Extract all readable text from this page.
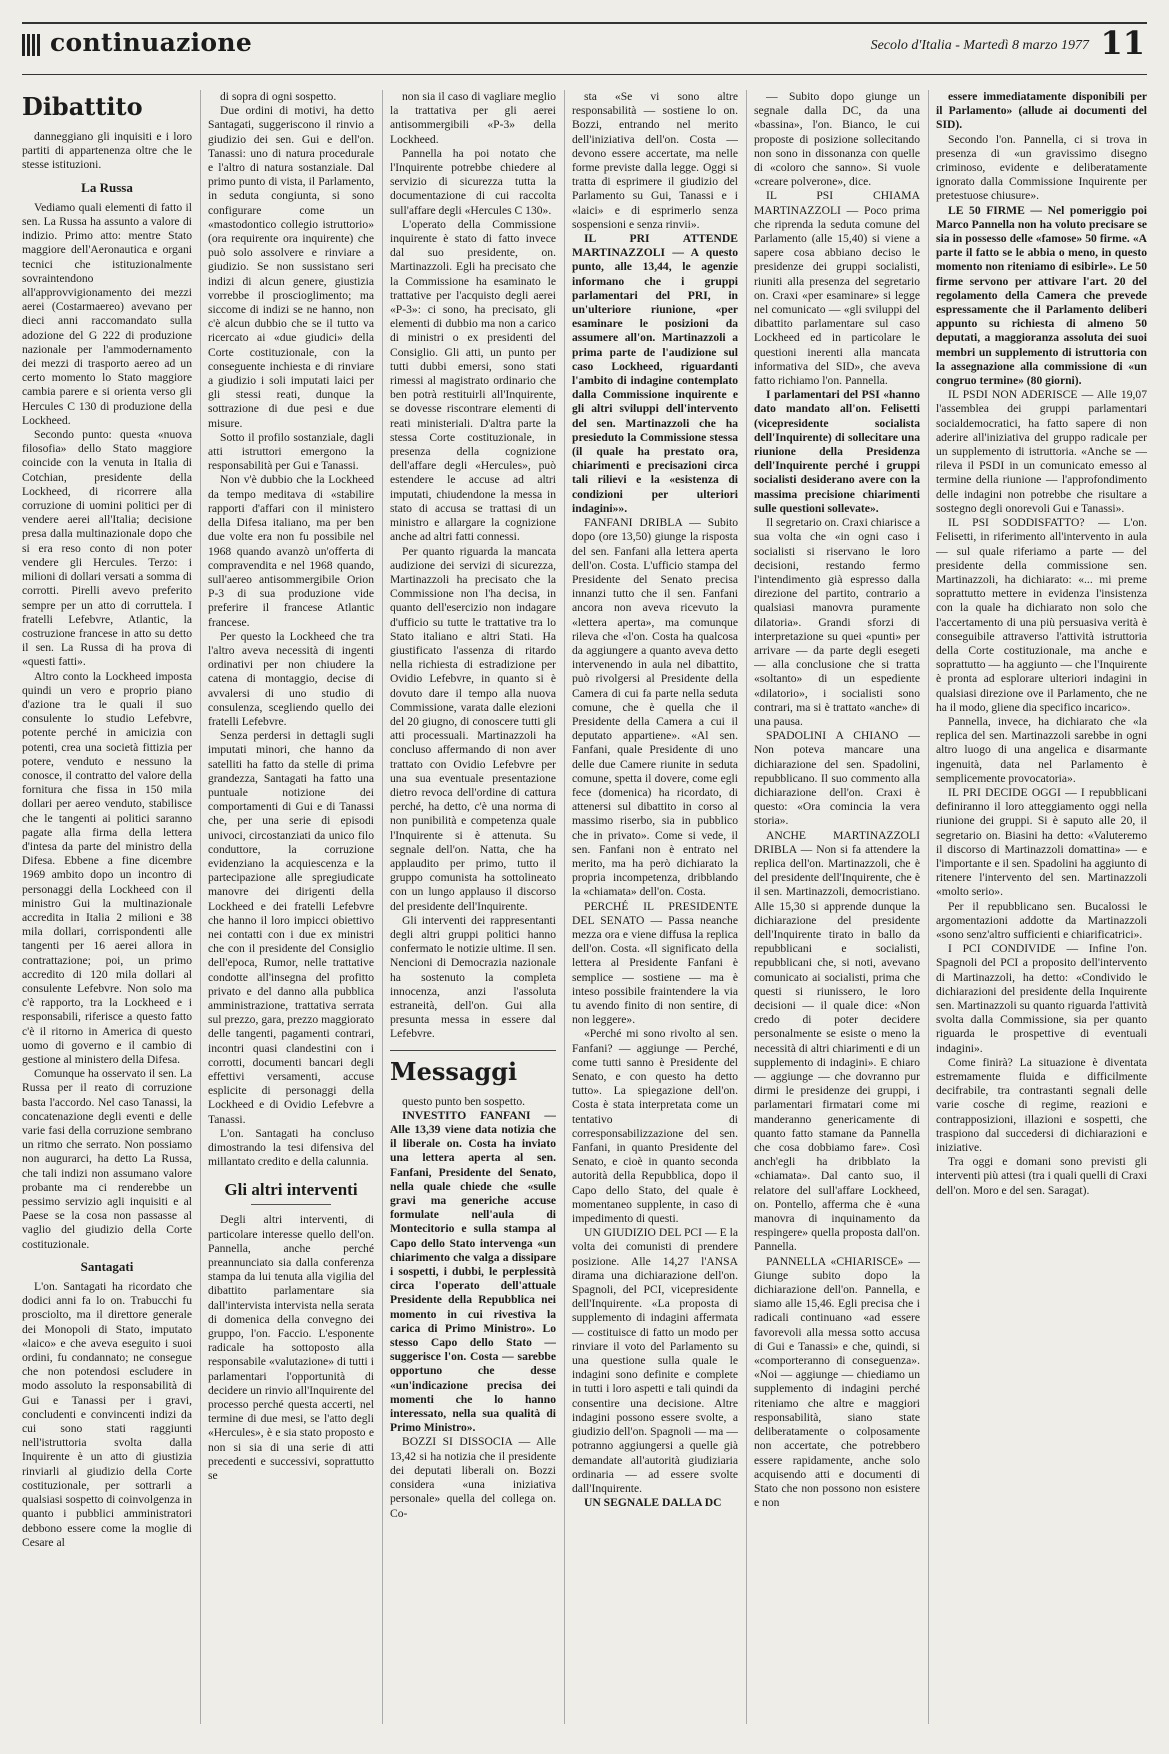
continuazione	Secolo d'Italia - Martedì 8 marzo 1977 11
Dibattito

danneggiano gli inquisiti e i loro partiti di appartenenza oltre che le stesse istituzioni.

La Russa

Vediamo quali elementi di fatto il sen. La Russa ha assunto a valore di indizio. Primo atto: mentre Stato maggiore dell'Aeronautica e organi tecnici che istituzionalmente sovraintendono all'approvvigionamento dei mezzi aerei (Costarmaereo) avevano per dieci anni raccomandato sulla adozione del G 222 di produzione nazionale per l'ammodernamento dei mezzi di trasporto aereo ad un certo momento lo Stato maggiore cambia parere e si orienta verso gli Hercules C 130 di produzione della Lockheed.

Secondo punto: questa «nuova filosofia» dello Stato maggiore coincide con la venuta in Italia di Cotchian, presidente della Lockheed, di ricorrere alla corruzione di uomini politici per di vendere aerei all'Italia; decisione presa dalla multinazionale dopo che si era reso conto di non poter vendere gli Hercules. Terzo: i milioni di dollari versati a somma di corrotti. Pirelli avevo preferito sempre per un atto di corruttela. I fratelli Lefebvre, Atlantic, la costruzione francese in atto su detto il sen. La Russa di ha prova di «questi fatti».

Altro conto la Lockheed imposta quindi un vero e proprio piano d'azione tra le quali il suo consulente lo studio Lefebvre, potente perché in amicizia con potenti, crea una società fittizia per potere, venduto e nessuno la conosce, il contratto del valore della fornitura che fissa in 150 mila dollari per aereo venduto, stabilisce che le tangenti ai politici saranno pagate alla firma della lettera d'intesa da parte del ministro della Difesa. Ebbene a fine dicembre 1969 ambito dopo un incontro di personaggi della Lockheed con il ministro Gui la multinazionale accredita in Italia 2 milioni e 38 mila dollari, corrispondenti alle tangenti per 16 aerei allora in contrattazione; poi, un primo accredito di 120 mila dollari al consulente Lefebvre. Non solo ma c'è rapporto, tra la Lockheed e i responsabili, riferisce a questo fatto c'è il ritorno in America di questo uomo di governo e il cambio di gestione al ministero della Difesa.

Comunque ha osservato il sen. La Russa per il reato di corruzione basta l'accordo. Nel caso Tanassi, la concatenazione degli eventi e delle varie fasi della corruzione sembrano un ritmo che serrato. Non possiamo non augurarci, ha detto La Russa, che tali indizi non assumano valore probante ma ci renderebbe un pessimo servizio agli inquisiti e al Paese se la cosa non passasse al vaglio del giudizio della Corte costituzionale.

Santagati

L'on. Santagati ha ricordato che dodici anni fa lo on. Trabucchi fu prosciolto, ma il direttore generale dei Monopoli di Stato, imputato «laico» e che aveva eseguito i suoi ordini, fu condannato; ne consegue che non potendosi escludere in modo assoluto la responsabilità di Gui e Tanassi per i gravi, concludenti e convincenti indizi da cui sono stati raggiunti nell'istruttoria svolta dalla Inquirente è un atto di giustizia rinviarli al giudizio della Corte costituzionale, per sottrarli a qualsiasi sospetto di coinvolgenza in quanto i pubblici amministratori debbono essere come la moglie di Cesare al

di sopra di ogni sospetto.

Due ordini di motivi, ha detto Santagati, suggeriscono il rinvio a giudizio dei sen. Gui e dell'on. Tanassi: uno di natura procedurale e l'altro di natura sostanziale. Dal primo punto di vista, il Parlamento, in seduta congiunta, si sono configurare come un «mastodontico collegio istruttorio» (ora requirente ora inquirente) che può solo assolvere e rinviare a giudizio. Se non sussistano seri indizi di alcun genere, giustizia vorrebbe il proscioglimento; ma siccome di indizi se ne hanno, non c'è alcun dubbio che se il tutto va ricercato ai «due giudici» della Corte costituzionale, con la conseguente inchiesta e di rinviare a giudizio i soli imputati laici per gli stessi reati, dunque la sottrazione di due pesi e due misure.

Sotto il profilo sostanziale, dagli atti istruttori emergono la responsabilità per Gui e Tanassi.

Non v'è dubbio che la Lockheed da tempo meditava di «stabilire rapporti d'affari con il ministero della Difesa italiano, ma per ben due volte era non fu possibile nel 1968 quando avanzò un'offerta di compravendita e nel 1968 quando, sull'aereo antisommergibile Orion P-3 di sua produzione vide preferire il francese Atlantic francese.

Per questo la Lockheed che tra l'altro aveva necessità di ingenti ordinativi per non chiudere la catena di montaggio, decise di avvalersi di uno studio di consulenza, scegliendo quello dei fratelli Lefebvre.

Senza perdersi in dettagli sugli imputati minori, che hanno da satelliti ha fatto da stelle di prima grandezza, Santagati ha fatto una puntuale notizione dei comportamenti di Gui e di Tanassi che, per una serie di episodi univoci, circostanziati da unico filo conduttore, la corruzione evidenziano la acquiescenza e la partecipazione alle spregiudicate manovre dei dirigenti della Lockheed e dei fratelli Lefebvre che hanno il loro impicci obiettivo nei contatti con i due ex ministri che con il presidente del Consiglio dell'epoca, Rumor, nelle trattative condotte all'insegna del profitto privato e del danno alla pubblica amministrazione, trattativa serrata sul prezzo, gara, prezzo maggiorato delle tangenti, pagamenti contrari, incontri quasi clandestini con i corrotti, documenti bancari degli effettivi versamenti, accuse esplicite di personaggi della Lockheed e di Ovidio Lefebvre a Tanassi.

L'on. Santagati ha concluso dimostrando la tesi difensiva del millantato credito e della calunnia.

Gli altri interventi

Degli altri interventi, di particolare interesse quello dell'on. Pannella, anche perché preannunciato sia dalla conferenza stampa da lui tenuta alla vigilia del dibattito parlamentare sia dall'intervista intervista nella serata di domenica della convegno dei gruppo, l'on. Faccio. L'esponente radicale ha sottoposto alla responsabile «valutazione» di tutti i parlamentari l'opportunità di decidere un rinvio all'Inquirente del processo perché questa accerti, nel termine di due mesi, se l'atto degli «Hercules», è e sia stato proposto e non si sia di una serie di atti precedenti e successivi, soprattutto se

non sia il caso di vagliare meglio la trattativa per gli aerei antisommergibili «P-3» della Lockheed.

Pannella ha poi notato che l'Inquirente potrebbe chiedere al servizio di sicurezza tutta la documentazione di cui raccolta sull'affare degli «Hercules C 130».

L'operato della Commissione inquirente è stato di fatto invece dal suo presidente, on. Martinazzoli. Egli ha precisato che la Commissione ha esaminato le trattative per l'acquisto degli aerei «P-3»: ci sono, ha precisato, gli elementi di dubbio ma non a carico di ministri o ex presidenti del Consiglio. Gli atti, un punto per tutti dubbi emersi, sono stati rimessi al magistrato ordinario che ben potrà restituirli all'Inquirente, se dovesse riscontrare elementi di reati ministeriali. D'altra parte la stessa Corte costituzionale, in presenza della cognizione dell'affare degli «Hercules», può estendere le accuse ad altri imputati, chiudendone la messa in stato di accusa se trattasi di un ministro e allargare la cognizione anche ad altri fatti connessi.

Per quanto riguarda la mancata audizione dei servizi di sicurezza, Martinazzoli ha precisato che la Commissione non l'ha decisa, in quanto dell'esercizio non indagare d'ufficio su tutte le trattative tra lo Stato italiano e altri Stati. Ha giustificato l'assenza di ritardo nella richiesta di estradizione per Ovidio Lefebvre, in quanto si è dovuto dare il tempo alla nuova Commissione, varata dalle elezioni del 20 giugno, di conoscere tutti gli atti processuali. Martinazzoli ha concluso affermando di non aver trattato con Ovidio Lefebvre per una sua eventuale presentazione dietro revoca dell'ordine di cattura perché, ha detto, c'è una norma di non punibilità e competenza quale l'Inquirente si è attenuta. Su segnale dell'on. Natta, che ha applaudito per primo, tutto il gruppo comunista ha sottolineato con un lungo applauso il discorso del presidente dell'Inquirente.

Gli interventi dei rappresentanti degli altri gruppi politici hanno confermato le notizie ultime. Il sen. Nencioni di Democrazia nazionale ha sostenuto la completa innocenza, anzi l'assoluta estraneità, dell'on. Gui alla presunta messa in essere dal Lefebvre.

Messaggi

questo punto ben sospetto.

INVESTITO FANFANI — Alle 13,39 viene data notizia che il liberale on. Costa ha inviato una lettera aperta al sen. Fanfani, Presidente del Senato, nella quale chiede che «sulle gravi ma generiche accuse formulate nell'aula di Montecitorio e sulla stampa al Capo dello Stato intervenga «un chiarimento che valga a dissipare i sospetti, i dubbi, le perplessità circa l'operato dell'attuale Presidente della Repubblica nei momento in cui rivestiva la carica di Primo Ministro». Lo stesso Capo dello Stato — suggerisce l'on. Costa — sarebbe opportuno che desse «un'indicazione precisa dei momenti che lo hanno interessato, nella sua qualità di Primo Ministro».

BOZZI SI DISSOCIA — Alle 13,42 si ha notizia che il presidente dei deputati liberali on. Bozzi considera «una iniziativa personale» quella del collega on. Co-

sta «Se vi sono altre responsabilità — sostiene lo on. Bozzi, entrando nel merito dell'iniziativa dell'on. Costa — devono essere accertate, ma nelle forme previste dalla legge. Oggi si tratta di esprimere il giudizio del Parlamento su Gui, Tanassi e i «laici» e di esprimerlo senza sospensioni e senza rinvii».

IL PRI ATTENDE MARTINAZZOLI — A questo punto, alle 13,44, le agenzie informano che i gruppi parlamentari del PRI, in un'ulteriore riunione, «per esaminare le posizioni da assumere all'on. Martinazzoli a prima parte de l'audizione sul caso Lockheed, riguardanti l'ambito di indagine contemplato dalla Commissione inquirente e gli altri sviluppi dell'intervento del sen. Martinazzoli che ha presieduto la Commissione stessa (il quale ha prestato ora, chiarimenti e precisazioni circa tali rilievi e la «esistenza di condizioni per ulteriori indagini»».

FANFANI DRIBLA — Subito dopo (ore 13,50) giunge la risposta del sen. Fanfani alla lettera aperta dell'on. Costa. L'ufficio stampa del Presidente del Senato precisa innanzi tutto che il sen. Fanfani ancora non aveva ricevuto la «lettera aperta», ma comunque rileva che «l'on. Costa ha qualcosa da aggiungere a quanto aveva detto intervenendo in aula nel dibattito, può rivolgersi al Presidente della Camera di cui fa parte nella seduta comune, che è quella che il Presidente della Camera a cui il deputato appartiene». «Al sen. Fanfani, quale Presidente di uno delle due Camere riunite in seduta comune, spetta il dovere, come egli fece (domenica) ha ricordato, di attenersi sul dibattito in corso al massimo riserbo, sia in pubblico che in privato». Come si vede, il sen. Fanfani non è entrato nel merito, ma ha però dichiarato la propria incompetenza, dribblando la «chiamata» dell'on. Costa.

PERCHÉ IL PRESIDENTE DEL SENATO — Passa neanche mezza ora e viene diffusa la replica dell'on. Costa. «Il significato della lettera al Presidente Fanfani è semplice — sostiene — ma è inteso possibile fraintendere la via tu avendo finito di non sentire, di non leggere».

«Perché mi sono rivolto al sen. Fanfani? — aggiunge — Perché, come tutti sanno è Presidente del Senato, e con questo ha detto tutto». La spiegazione dell'on. Costa è stata interpretata come un tentativo di corresponsabilizzazione del sen. Fanfani, in quanto Presidente del Senato, e cioè in quanto seconda autorità della Repubblica, dopo il Capo dello Stato, del quale è momentaneo supplente, in caso di impedimento di questi.

UN GIUDIZIO DEL PCI — E la volta dei comunisti di prendere posizione. Alle 14,27 l'ANSA dirama una dichiarazione dell'on. Spagnoli, del PCI, vicepresidente dell'Inquirente. «La proposta di supplemento di indagini affermata — costituisce di fatto un modo per rinviare il voto del Parlamento su una questione sulla quale le indagini sono definite e complete in tutti i loro aspetti e tali quindi da consentire una decisione. Altre indagini possono essere svolte, a giudizio dell'on. Spagnoli — ma — potranno aggiungersi a quelle già demandate all'autorità giudiziaria ordinaria — ad essere svolte dall'Inquirente.

UN SEGNALE DALLA DC

— Subito dopo giunge un segnale dalla DC, da una «bassina», l'on. Bianco, le cui proposte di posizione sollecitando non sono in dissonanza con quelle di «coloro che sanno». Si vuole «creare polverone», dice.

IL PSI CHIAMA MARTINAZZOLI — Poco prima che riprenda la seduta comune del Parlamento (alle 15,40) si viene a sapere cosa abbiano deciso le presidenze dei gruppi socialisti, riuniti alla presenza del segretario on. Craxi «per esaminare» si legge nel comunicato — «gli sviluppi del dibattito parlamentare sul caso Lockheed ed in particolare le questioni inerenti alla mancata informativa del SID», che aveva fatto richiamo l'on. Pannella.

I parlamentari del PSI «hanno dato mandato all'on. Felisetti (vicepresidente socialista dell'Inquirente) di sollecitare una riunione della Presidenza dell'Inquirente perché i gruppi socialisti desiderano avere con la massima precisione chiarimenti sulle questioni sollevate».

Il segretario on. Craxi chiarisce a sua volta che «in ogni caso i socialisti si riservano le loro decisioni, restando fermo l'intendimento già espresso dalla direzione del partito, contrario a qualsiasi manovra puramente dilatoria». Grandi sforzi di interpretazione su quei «punti» per arrivare — da parte degli esegeti — alla conclusione che si tratta «soltanto» di un espediente «dilatorio», i socialisti sono contrari, ma si è trattato «anche» di una pausa.

SPADOLINI A CHIANO — Non poteva mancare una dichiarazione del sen. Spadolini, repubblicano. Il suo commento alla dichiarazione dell'on. Craxi è questo: «Ora comincia la vera storia».

ANCHE MARTINAZZOLI DRIBLA — Non si fa attendere la replica dell'on. Martinazzoli, che è del presidente dell'Inquirente, che è il sen. Martinazzoli, democristiano. Alle 15,30 si apprende dunque la dichiarazione del presidente dell'Inquirente tirato in ballo da repubblicani e socialisti, repubblicani che, si noti, avevano comunicato ai socialisti, prima che questi si riunissero, le loro decisioni — il quale dice: «Non credo di poter decidere personalmente se esiste o meno la necessità di altri chiarimenti e di un supplemento di indagini». E chiaro — aggiunge — che dovranno pur dirmi le presidenze dei gruppi, i parlamentari firmatari come mi manderanno genericamente di quanto fatto stamane da Pannella che cosa dobbiamo fare». Così anch'egli ha dribblato la «chiamata». Dal canto suo, il relatore del sull'affare Lockheed, on. Pontello, afferma che è «una manovra di inquinamento da respingere» quella proposta dall'on. Pannella.

PANNELLA «CHIARISCE» — Giunge subito dopo la dichiarazione dell'on. Pannella, e siamo alle 15,46. Egli precisa che i radicali continuano «ad essere favorevoli alla messa sotto accusa di Gui e Tanassi» e che, quindi, si «comporteranno di conseguenza». «Noi — aggiunge — chiediamo un supplemento di indagini perché riteniamo che altre e maggiori responsabilità, siano state deliberatamente o colposamente non accertate, che potrebbero essere rapidamente, anche solo acquisendo atti e documenti di Stato che non possono non esistere e non

essere immediatamente disponibili per il Parlamento» (allude ai documenti del SID).

Secondo l'on. Pannella, ci si trova in presenza di «un gravissimo disegno criminoso, evidente e deliberatamente ignorato dalla Commissione Inquirente per pretestuose chiusure».

LE 50 FIRME — Nel pomeriggio poi Marco Pannella non ha voluto precisare se sia in possesso delle «famose» 50 firme. «A parte il fatto se le abbia o meno, in questo momento non riteniamo di esibirle». Le 50 firme servono per attivare l'art. 20 del regolamento della Camera che prevede espressamente che il Parlamento deliberi appunto su richiesta di almeno 50 deputati, a maggioranza assoluta dei suoi membri un supplemento di istruttoria con la assegnazione alla commissione di «un congruo termine» (80 giorni).

IL PSDI NON ADERISCE — Alle 19,07 l'assemblea dei gruppi parlamentari socialdemocratici, ha fatto sapere di non aderire all'iniziativa del gruppo radicale per un supplemento di istruttoria. «Anche se — rileva il PSDI in un comunicato emesso al termine della riunione — l'approfondimento delle indagini non potrebbe che risultare a sostegno degli onorevoli Gui e Tanassi».

IL PSI SODDISFATTO? — L'on. Felisetti, in riferimento all'intervento in aula — sul quale riferiamo a parte — del presidente della commissione sen. Martinazzoli, ha dichiarato: «... mi preme soprattutto mettere in evidenza l'insistenza con la quale ha dichiarato non solo che l'accertamento di una più persuasiva verità è conseguibile attraverso l'attività istruttoria della Corte costituzionale, ma anche e soprattutto — ha aggiunto — che l'Inquirente è pronta ad esplorare ulteriori indagini in qualsiasi direzione ove il Parlamento, che ne ha il modo, gliene dia specifico incarico».

Pannella, invece, ha dichiarato che «la replica del sen. Martinazzoli sarebbe in ogni altro luogo di una angelica e disarmante ingenuità, data nel Parlamento è semplicemente provocatoria».

IL PRI DECIDE OGGI — I repubblicani definiranno il loro atteggiamento oggi nella riunione dei gruppi. Si è saputo alle 20, il segretario on. Biasini ha detto: «Valuteremo il discorso di Martinazzoli domattina» — e l'importante e il sen. Spadolini ha aggiunto di ritenere l'intervento del sen. Martinazzoli «molto serio».

Per il repubblicano sen. Bucalossi le argomentazioni addotte da Martinazzoli «sono senz'altro sufficienti e chiarificatrici».

I PCI CONDIVIDE — Infine l'on. Spagnoli del PCI a proposito dell'intervento di Martinazzoli, ha detto: «Condivido le dichiarazioni del presidente della Inquirente sen. Martinazzoli su quanto riguarda l'attività svolta dalla Commissione, sia per quanto riguarda le prospettive di eventuali indagini».

Come finirà? La situazione è diventata estremamente fluida e difficilmente decifrabile, tra contrastanti segnali delle varie cosche di regime, reazioni e contrapposizioni, illazioni e sospetti, che traspiono dal succedersi di dichiarazioni e iniziative.

Tra oggi e domani sono previsti gli interventi più attesi (tra i quali quelli di Craxi dell'on. Moro e del sen. Saragat).
